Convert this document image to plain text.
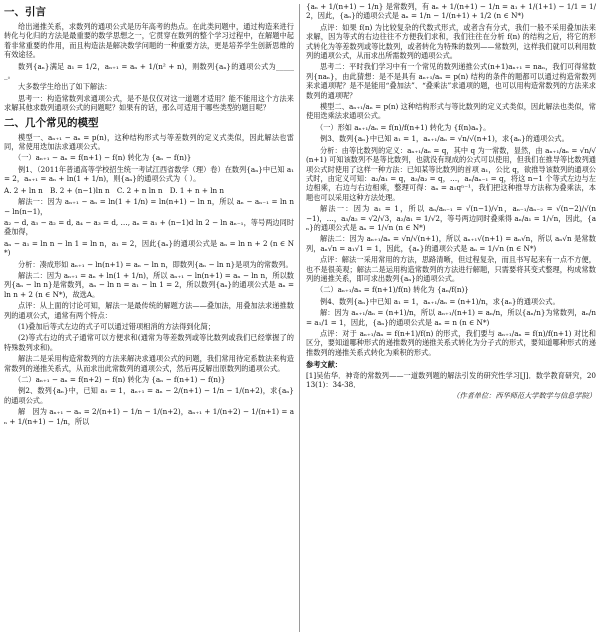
一、引言

给出递推关系，求数列的通项公式是历年高考的热点。在此类问题中，通过构造来进行转化与化归的方法是最重要的数学思想之一，它贯穿在数列的整个学习过程中，在解题中起着非常重要的作用，而且构造法是解决数学问题的一种重要方法，更是培养学生创新思维的有效途径。

数列{aₙ}满足 a₁ = 1/2，aₙ₊₁ = aₙ + 1/(n² + n)，则数列{aₙ}的通项公式为______。

大多数学生给出了如下解法：

思考一：构造常数列求通项公式，是不是仅仅对这一道题才适用？能不能用这个方法来求解其他求数列通项公式的问题呢？如果有的话，那么可适用于哪些类型的题目呢？

二、几个常见的模型

模型一、aₙ₊₁ − aₙ = p(n)，这种结构形式与等差数列的定义式类似，因此解法也雷同，常使用迭加法求通项公式。

（一）aₙ₊₁ − aₙ = f(n+1) − f(n) 转化为 {aₙ − f(n)}

例1、（2011年普通高等学校招生统一考试江西省数学（理）卷）在数列{aₙ}中已知 a₁ = 2，aₙ₊₁ = aₙ + ln(1 + 1/n)，则{aₙ}的通项公式为（ ）。

A. 2 + ln n　B. 2 + (n−1)ln n　C. 2 + n ln n　D. 1 + n + ln n

解法一：因为 aₙ₊₁ − aₙ = ln(1 + 1/n) = ln(n+1) − ln n，所以 aₙ − aₙ₋₁ = ln n − ln(n−1)，

a₂ − d, a₃ − a₂ = d, a₄ − a₃ = d, …, aₙ = a₁ + (n−1)d ln 2 − ln aₙ₋₁，等号两边同时叠加得，

aₙ − a₁ = ln n − ln 1 = ln n，a₁ = 2，因此{aₙ}的通项公式是 aₙ = ln n + 2 (n ∈ N*)

分析：凑成形如 aₙ₊₁ − ln(n+1) = aₙ − ln n，即数列{aₙ − ln n}是项为的常数列。

解法二：因为 aₙ₊₁ = aₙ + ln(1 + 1/n)，所以 aₙ₊₁ − ln(n+1) = aₙ − ln n，所以数列{aₙ − ln n}是常数列，aₙ − ln n = a₁ − ln 1 = 2，所以数列{aₙ}的通项公式是 aₙ = ln n + 2 (n ∈ N*)，故选A。

点评：从上面的讨论可知，解法一是最传统的解题方法——叠加法，用叠加法求递推数列的通项公式，通常有两个特点：

(1)叠加后等式左边的式子可以通过错项相消的方法得到化简；

(2)等式右边的式子通常可以方便求和(通常为等差数列或等比数列或我们已经掌握了的特殊数列求和)。

解法二是采用构造常数列的方法来解决求通项公式的问题，我们常用待定系数法来构造常数列的递推关系式，从而求出此常数列的通项公式，然后再反解出原数列的通项公式。

（二）aₙ₊₁ − aₙ = f(n+2) − f(n) 转化为 {aₙ − f(n+1) − f(n)}

例2、数列{aₙ}中，已知 a₁ = 1，aₙ₊₁ = aₙ − 2/(n+1) − 1/n − 1/(n+2)，求{aₙ}的通项公式。

解　因为 aₙ₊₁ − aₙ = 2/(n+1) − 1/n − 1/(n+2)，aₙ₊₁ + 1/(n+2) − 1/(n+1) = aₙ + 1/(n+1) − 1/n，所以

{aₙ + 1/(n+1) − 1/n} 是常数列，有 aₙ + 1/(n+1) − 1/n = a₁ + 1/(1+1) − 1/1 = 1/2，因此，{aₙ}的通项公式是 aₙ = 1/n − 1/(n+1) + 1/2 (n ∈ N*)

点评：如果 f(n) 为比较复杂的代数式形式，或者含有分式，我们一般不采用叠加法来求解，因为等式的右边往往不方便我们求和，我们往往在分析 f(n) 的结构之后，将它的形式转化为等差数列或等比数列，或者转化为特殊的数列——常数列，这样我们就可以利用数列的通项公式，从而求出所需数列的通项公式。

思考二：平时我们学习中有一个常见的数列递推公式(n+1)aₙ₊₁ = naₙ，我们可得常数列{naₙ}，由此猜想：是不是具有 aₙ₊₁/aₙ = p(n) 结构的条件的题都可以通过构造常数列来求通项呢？是不是能用“叠加法”、“叠乘法”求通项的题，也可以用构造常数列的方法来求数列的通项呢？

模型二、aₙ₊₁/aₙ = p(n) 这种结构形式与等比数列的定义式类似，因此解法也类似，常使用迭乘法求通项公式。

（一）形如 aₙ₊₁/aₙ = f(n)/f(n+1) 转化为 {f(n)aₙ}。

例3、数列{aₙ}中已知 a₁ = 1，aₙ₊₁/aₙ = √n/√(n+1)，求{aₙ}的通项公式。

分析：由等比数列的定义：aₙ₊₁/aₙ = q，其中 q 为一常数，显然，由 aₙ₊₁/aₙ = √n/√(n+1) 可知该数列不是等比数列，也就没有现成的公式可以使用，但我们在推导等比数列通项公式时使用了这样一种方法：已知某等比数列的首项 a₁，公比 q，欲推导该数列的通项公式时，由定义可知：a₂/a₁ = q，a₃/a₂ = q，…，aₙ/aₙ₋₁ = q，将这 n−1 个等式左边与左边相乘，右边与右边相乘，整理可得：aₙ = a₁qⁿ⁻¹，我们把这种推导方法称为叠乘法，本题也可以采用这种方法处理。

解法一：因为 a₁ = 1，所以 aₙ/aₙ₋₁ = √(n−1)/√n，aₙ₋₁/aₙ₋₂ = √(n−2)/√(n−1)，…，a₃/a₂ = √2/√3，a₂/a₁ = 1/√2，等号两边同时叠乘得 aₙ/a₁ = 1/√n，因此，{aₙ}的通项公式是 aₙ = 1/√n (n ∈ N*)

解法二：因为 aₙ₊₁/aₙ = √n/√(n+1)，所以 aₙ₊₁√(n+1) = aₙ√n，所以 aₙ√n 是常数列，aₙ√n = a₁√1 = 1，因此，{aₙ}的通项公式是 aₙ = 1/√n (n ∈ N*)

点评：解法一采用常用的方法，思路清晰，但过程复杂，而且书写起来有一点不方便，也不是很美观；解法二是运用构造常数列的方法进行解题，只需要将其变式整理，构成常数列的递推关系，即可求出数列{aₙ}的通项公式。

（二）aₙ₊₁/aₙ = f(n+1)/f(n) 转化为 {aₙ/f(n)}

例4、数列{aₙ}中已知 a₁ = 1，aₙ₊₁/aₙ = (n+1)/n，求{aₙ}的通项公式。

解：因为 aₙ₊₁/aₙ = (n+1)/n，所以 aₙ₊₁/(n+1) = aₙ/n，所以{aₙ/n}为常数列，aₙ/n = a₁/1 = 1，因此，{aₙ}的通项公式是 aₙ = n (n ∈ N*)

点评：对于 aₙ₊₁/aₙ = f(n+1)/f(n) 的形式，我们要与 aₙ₊₁/aₙ = f(n)/f(n+1) 对比和区分，要知道哪种形式的递推数列的递推关系式转化为分子式的形式，要知道哪种形式的递推数列的递推关系式转化为乘积的形式。

参考文献：

[1]吴佑华．神奇的常数列——一道数列题的解法引发的研究性学习[J]．数学教育研究，2013(1)：34-38．

（作者单位：西华师范大学数学与信息学院）
